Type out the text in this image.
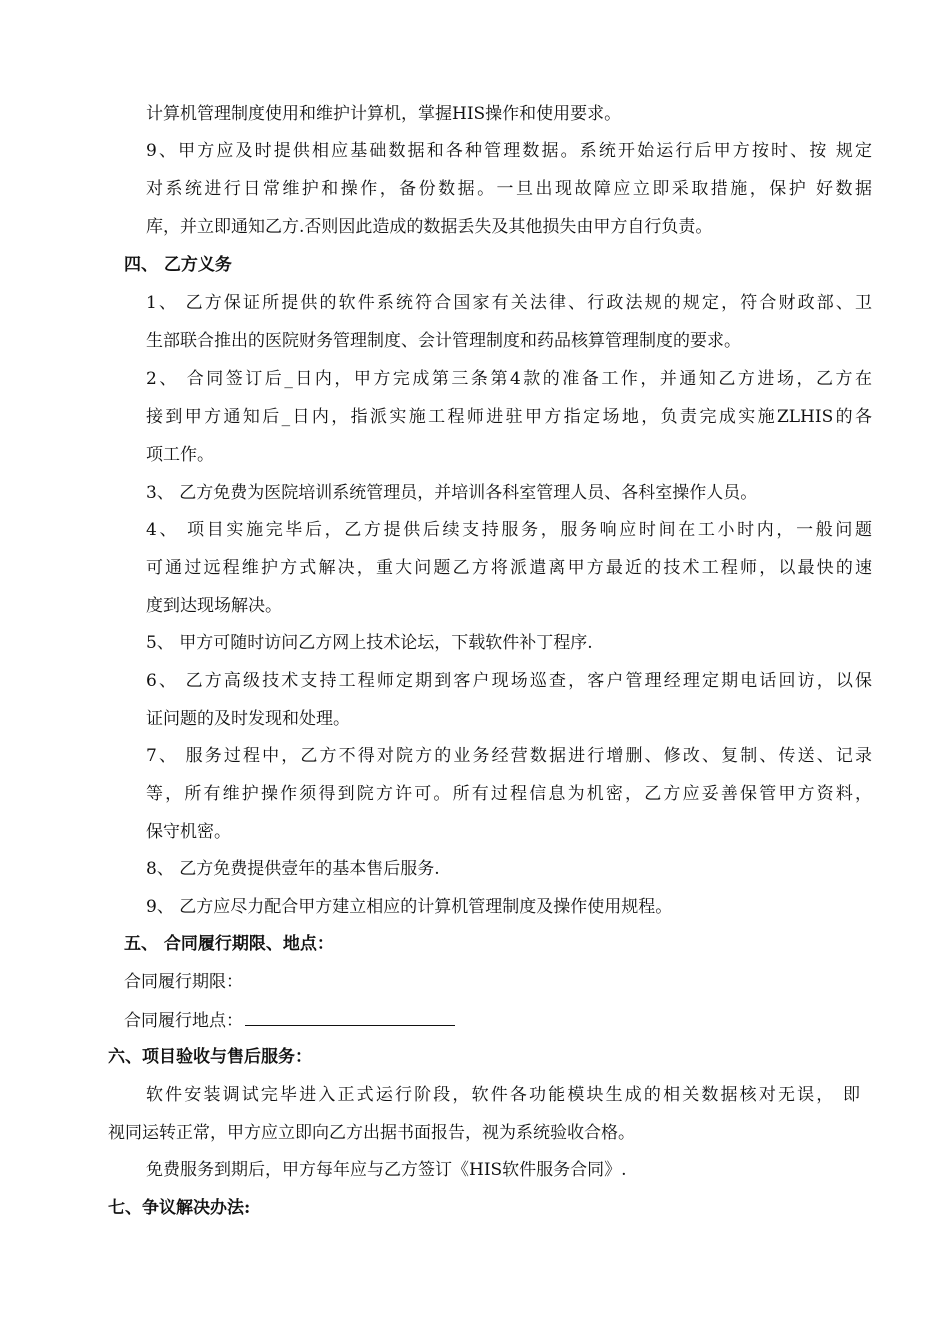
计算机管理制度使用和维护计算机，掌握HIS操作和使用要求。
9、甲方应及时提供相应基础数据和各种管理数据。系统开始运行后甲方按时、按 规定
对系统进行日常维护和操作，备份数据。一旦出现故障应立即采取措施，保护 好数据
库，并立即通知乙方.否则因此造成的数据丢失及其他损失由甲方自行负责。
四、 乙方义务
1、 乙方保证所提供的软件系统符合国家有关法律、行政法规的规定，符合财政部、卫
生部联合推出的医院财务管理制度、会计管理制度和药品核算管理制度的要求。
2、 合同签订后_日内，甲方完成第三条第4款的准备工作，并通知乙方进场，乙方在
接到甲方通知后_日内，指派实施工程师进驻甲方指定场地，负责完成实施ZLHIS的各
项工作。
3、 乙方免费为医院培训系统管理员，并培训各科室管理人员、各科室操作人员。
4、 项目实施完毕后，乙方提供后续支持服务，服务响应时间在工小时内，一般问题
可通过远程维护方式解决，重大问题乙方将派遣离甲方最近的技术工程师，以最快的速
度到达现场解决。
5、 甲方可随时访问乙方网上技术论坛，下载软件补丁程序.
6、 乙方高级技术支持工程师定期到客户现场巡查，客户管理经理定期电话回访，以保
证问题的及时发现和处理。
7、 服务过程中，乙方不得对院方的业务经营数据进行增删、修改、复制、传送、记录
等，所有维护操作须得到院方许可。所有过程信息为机密，乙方应妥善保管甲方资料，
保守机密。
8、 乙方免费提供壹年的基本售后服务.
9、 乙方应尽力配合甲方建立相应的计算机管理制度及操作使用规程。
五、 合同履行期限、地点：
合同履行期限：
合同履行地点：
六、项目验收与售后服务：
软件安装调试完毕进入正式运行阶段，软件各功能模块生成的相关数据核对无误， 即
视同运转正常，甲方应立即向乙方出据书面报告，视为系统验收合格。
免费服务到期后，甲方每年应与乙方签订《HIS软件服务合同》.
七、争议解决办法:
